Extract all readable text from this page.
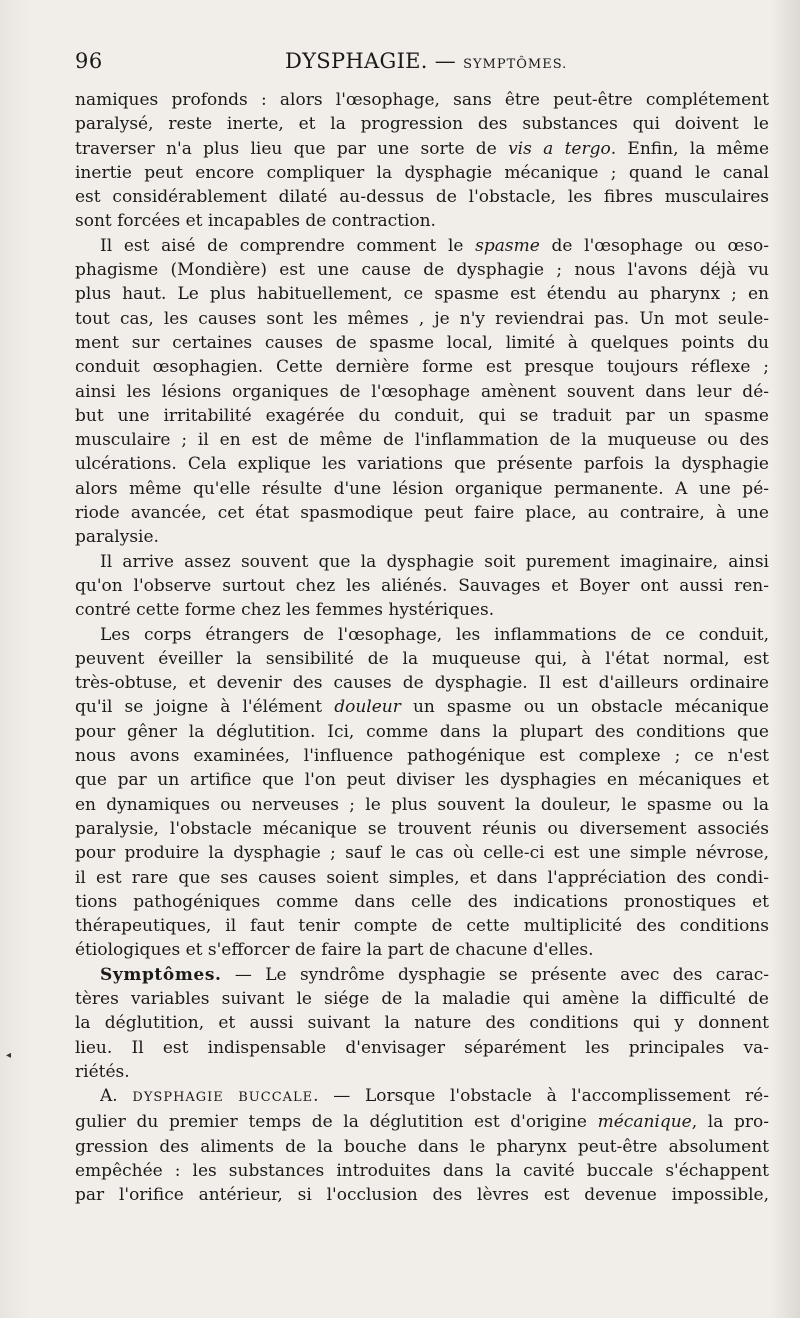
96	DYSPHAGIE. — SYMPTÔMES.
◂
namiques profonds : alors l'œsophage, sans être peut-être complétement
paralysé, reste inerte, et la progression des substances qui doivent le
traverser n'a plus lieu que par une sorte de vis a tergo. Enfin, la même
inertie peut encore compliquer la dysphagie mécanique ; quand le canal
est considérablement dilaté au-dessus de l'obstacle, les fibres musculaires
sont forcées et incapables de contraction.
Il est aisé de comprendre comment le spasme de l'œsophage ou œso-
phagisme (Mondière) est une cause de dysphagie ; nous l'avons déjà vu
plus haut. Le plus habituellement, ce spasme est étendu au pharynx ; en
tout cas, les causes sont les mêmes , je n'y reviendrai pas. Un mot seule-
ment sur certaines causes de spasme local, limité à quelques points du
conduit œsophagien. Cette dernière forme est presque toujours réflexe ;
ainsi les lésions organiques de l'œsophage amènent souvent dans leur dé-
but une irritabilité exagérée du conduit, qui se traduit par un spasme
musculaire ; il en est de même de l'inflammation de la muqueuse ou des
ulcérations. Cela explique les variations que présente parfois la dysphagie
alors même qu'elle résulte d'une lésion organique permanente. A une pé-
riode avancée, cet état spasmodique peut faire place, au contraire, à une
paralysie.
Il arrive assez souvent que la dysphagie soit purement imaginaire, ainsi
qu'on l'observe surtout chez les aliénés. Sauvages et Boyer ont aussi ren-
contré cette forme chez les femmes hystériques.
Les corps étrangers de l'œsophage, les inflammations de ce conduit,
peuvent éveiller la sensibilité de la muqueuse qui, à l'état normal, est
très-obtuse, et devenir des causes de dysphagie. Il est d'ailleurs ordinaire
qu'il se joigne à l'élément douleur un spasme ou un obstacle mécanique
pour gêner la déglutition. Ici, comme dans la plupart des conditions que
nous avons examinées, l'influence pathogénique est complexe ; ce n'est
que par un artifice que l'on peut diviser les dysphagies en mécaniques et
en dynamiques ou nerveuses ; le plus souvent la douleur, le spasme ou la
paralysie, l'obstacle mécanique se trouvent réunis ou diversement associés
pour produire la dysphagie ; sauf le cas où celle-ci est une simple névrose,
il est rare que ses causes soient simples, et dans l'appréciation des condi-
tions pathogéniques comme dans celle des indications pronostiques et
thérapeutiques, il faut tenir compte de cette multiplicité des conditions
étiologiques et s'efforcer de faire la part de chacune d'elles.
Symptômes. — Le syndrôme dysphagie se présente avec des carac-
tères variables suivant le siége de la maladie qui amène la difficulté de
la déglutition, et aussi suivant la nature des conditions qui y donnent
lieu. Il est indispensable d'envisager séparément les principales va-
riétés.
A. DYSPHAGIE BUCCALE. — Lorsque l'obstacle à l'accomplissement ré-
gulier du premier temps de la déglutition est d'origine mécanique, la pro-
gression des aliments de la bouche dans le pharynx peut-être absolument
empêchée : les substances introduites dans la cavité buccale s'échappent
par l'orifice antérieur, si l'occlusion des lèvres est devenue impossible,
